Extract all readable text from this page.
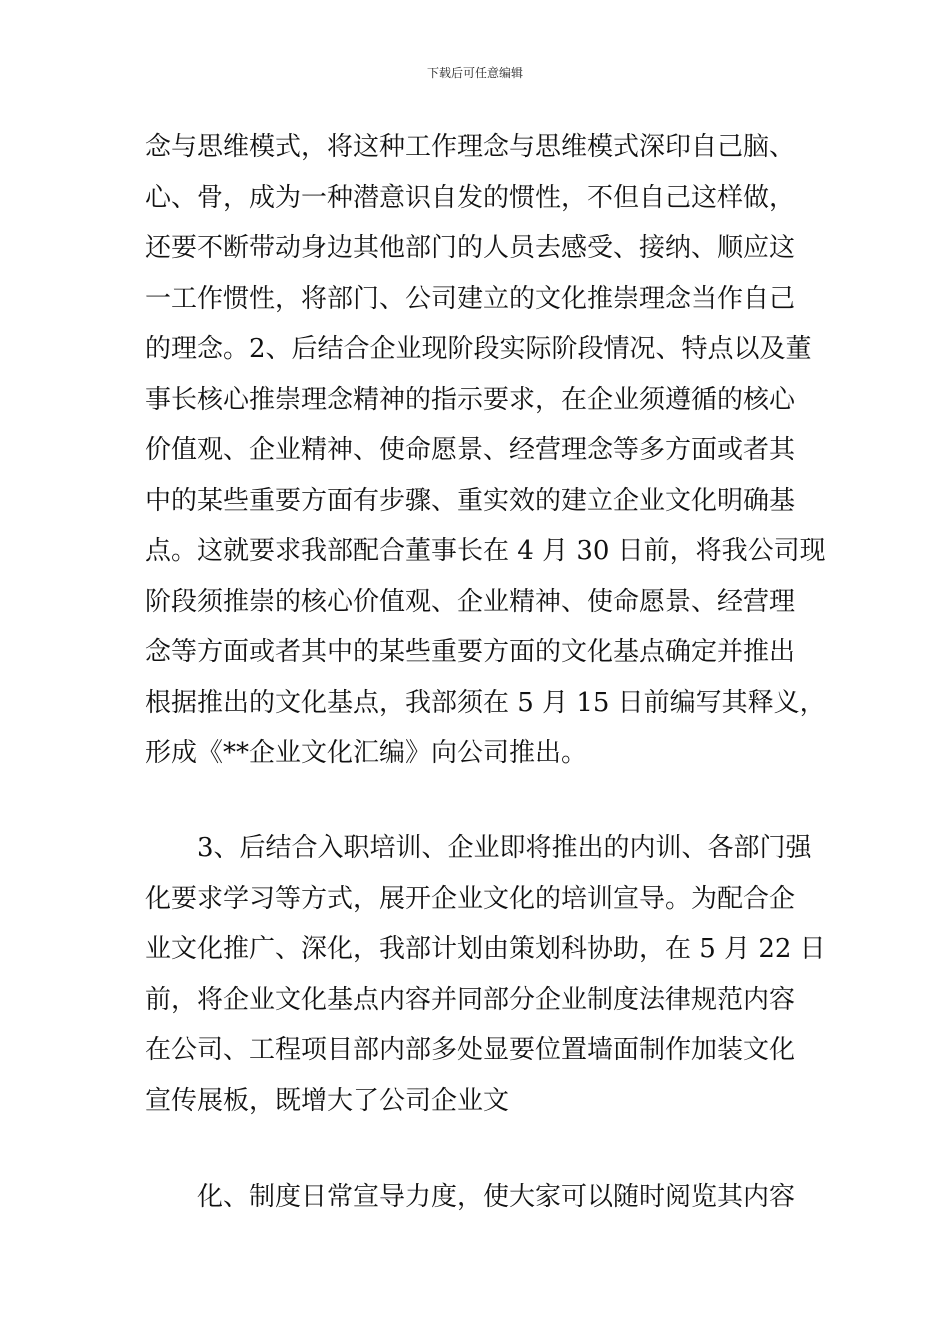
下载后可任意编辑
念与思维模式，将这种工作理念与思维模式深印自己脑、
心、骨，成为一种潜意识自发的惯性，不但自己这样做，
还要不断带动身边其他部门的人员去感受、接纳、顺应这
一工作惯性，将部门、公司建立的文化推崇理念当作自己
的理念。2、后结合企业现阶段实际阶段情况、特点以及董
事长核心推崇理念精神的指示要求，在企业须遵循的核心
价值观、企业精神、使命愿景、经营理念等多方面或者其
中的某些重要方面有步骤、重实效的建立企业文化明确基
点。这就要求我部配合董事长在 4 月 30 日前，将我公司现
阶段须推崇的核心价值观、企业精神、使命愿景、经营理
念等方面或者其中的某些重要方面的文化基点确定并推出
根据推出的文化基点，我部须在 5 月 15 日前编写其释义，
形成《**企业文化汇编》向公司推出。
3、后结合入职培训、企业即将推出的内训、各部门强
化要求学习等方式，展开企业文化的培训宣导。为配合企
业文化推广、深化，我部计划由策划科协助，在 5 月 22 日
前，将企业文化基点内容并同部分企业制度法律规范内容
在公司、工程项目部内部多处显要位置墙面制作加装文化
宣传展板，既增大了公司企业文
化、制度日常宣导力度，使大家可以随时阅览其内容
